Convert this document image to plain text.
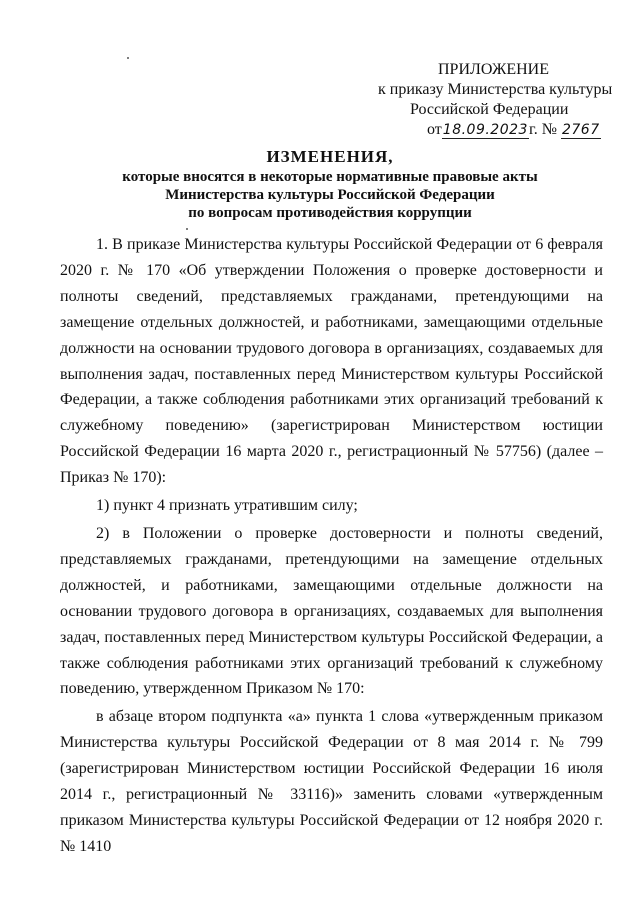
ПРИЛОЖЕНИЕ
к приказу Министерства культуры
Российской Федерации
от18.09.2023г. № 2767
ИЗМЕНЕНИЯ,
которые вносятся в некоторые нормативные правовые акты
Министерства культуры Российской Федерации
по вопросам противодействия коррупции

1. В приказе Министерства культуры Российской Федерации от 6 февраля 2020 г. № 170 «Об утверждении Положения о проверке достоверности и полноты сведений, представляемых гражданами, претендующими на замещение отдельных должностей, и работниками, замещающими отдельные должности на основании трудового договора в организациях, создаваемых для выполнения задач, поставленных перед Министерством культуры Российской Федерации, а также соблюдения работниками этих организаций требований к служебному поведению» (зарегистрирован Министерством юстиции Российской Федерации 16 марта 2020 г., регистрационный № 57756) (далее – Приказ № 170):

1) пункт 4 признать утратившим силу;

2) в Положении о проверке достоверности и полноты сведений, представляемых гражданами, претендующими на замещение отдельных должностей, и работниками, замещающими отдельные должности на основании трудового договора в организациях, создаваемых для выполнения задач, поставленных перед Министерством культуры Российской Федерации, а также соблюдения работниками этих организаций требований к служебному поведению, утвержденном Приказом № 170:

в абзаце втором подпункта «а» пункта 1 слова «утвержденным приказом Министерства культуры Российской Федерации от 8 мая 2014 г. № 799 (зарегистрирован Министерством юстиции Российской Федерации 16 июля 2014 г., регистрационный № 33116)» заменить словами «утвержденным приказом Министерства культуры Российской Федерации от 12 ноября 2020 г. № 1410
